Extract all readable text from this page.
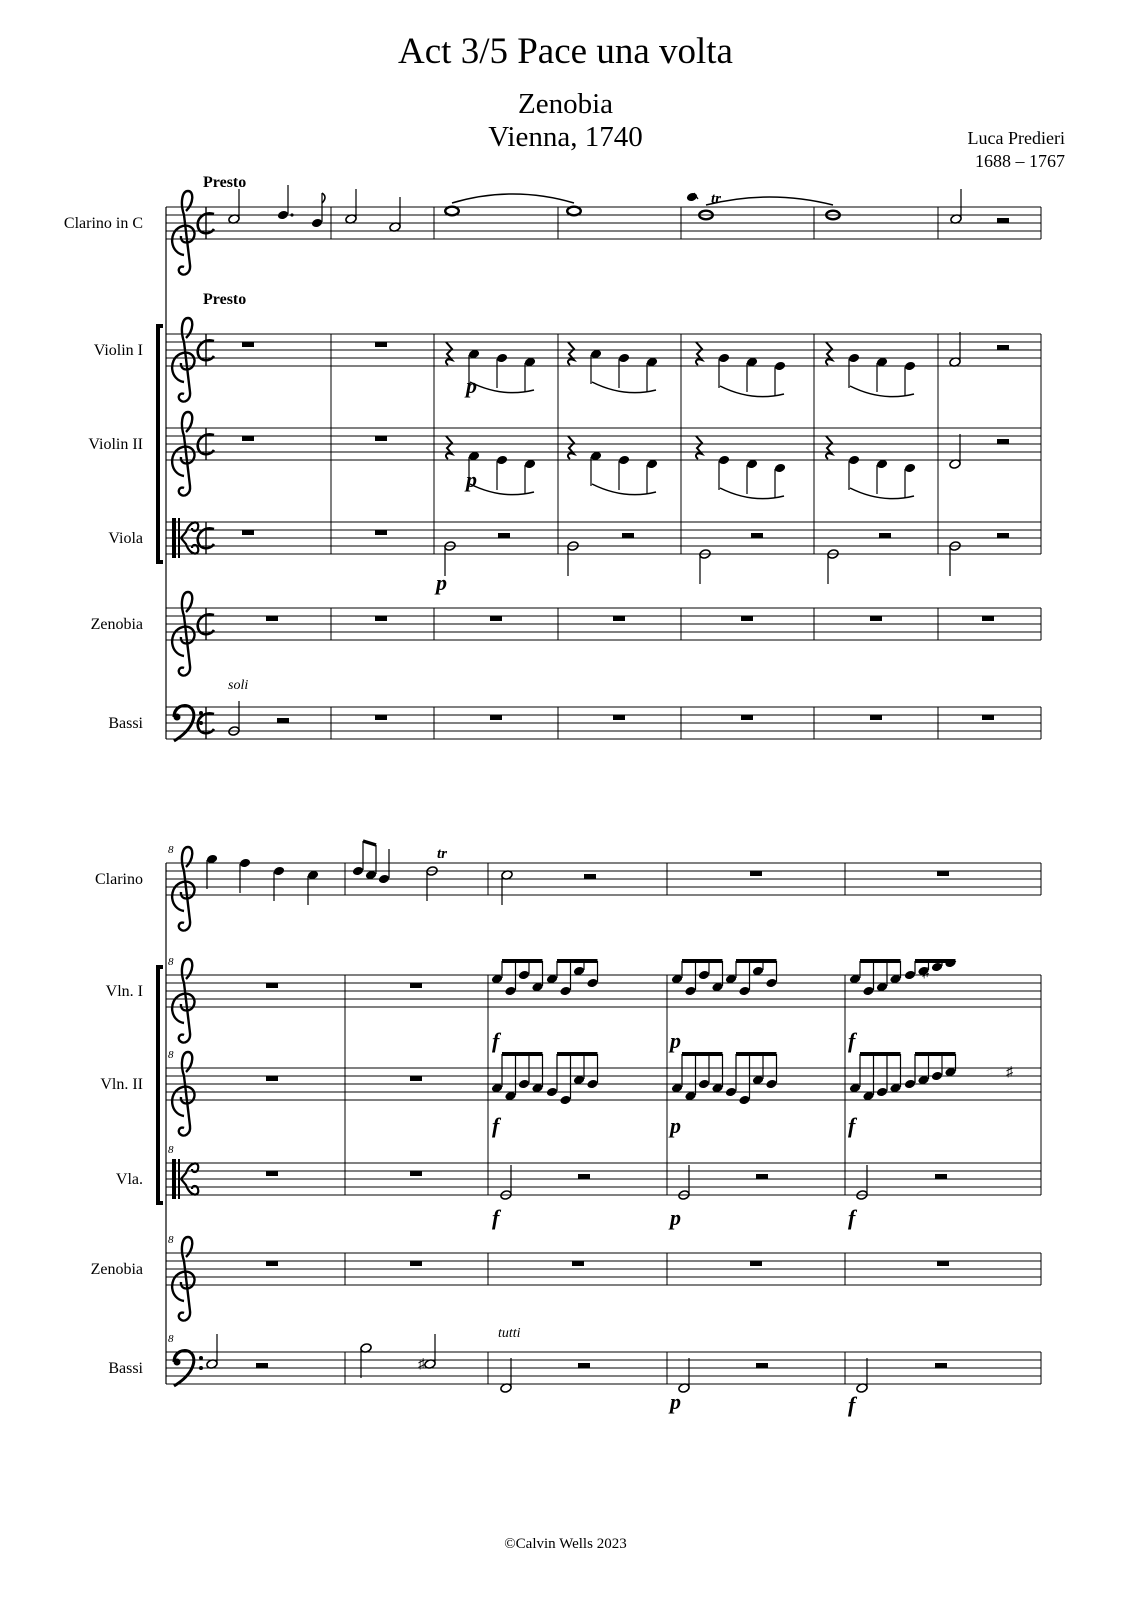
Act 3/5 Pace una volta
Zenobia
Vienna, 1740	Luca Predieri
1688 – 1767
Clarino in C
Violin I
Violin II
Viola
Zenobia
Bassi
Presto
Presto
tr
p
p
p
soli
Clarino
Vln. I
Vln. II
Vla.
Zenobia
Bassi
8
8
8
8
8
8
tr
♯
f	p	f
♯
f	p	f
f	p	f
♯
tutti
p	f
©Calvin Wells 2023
